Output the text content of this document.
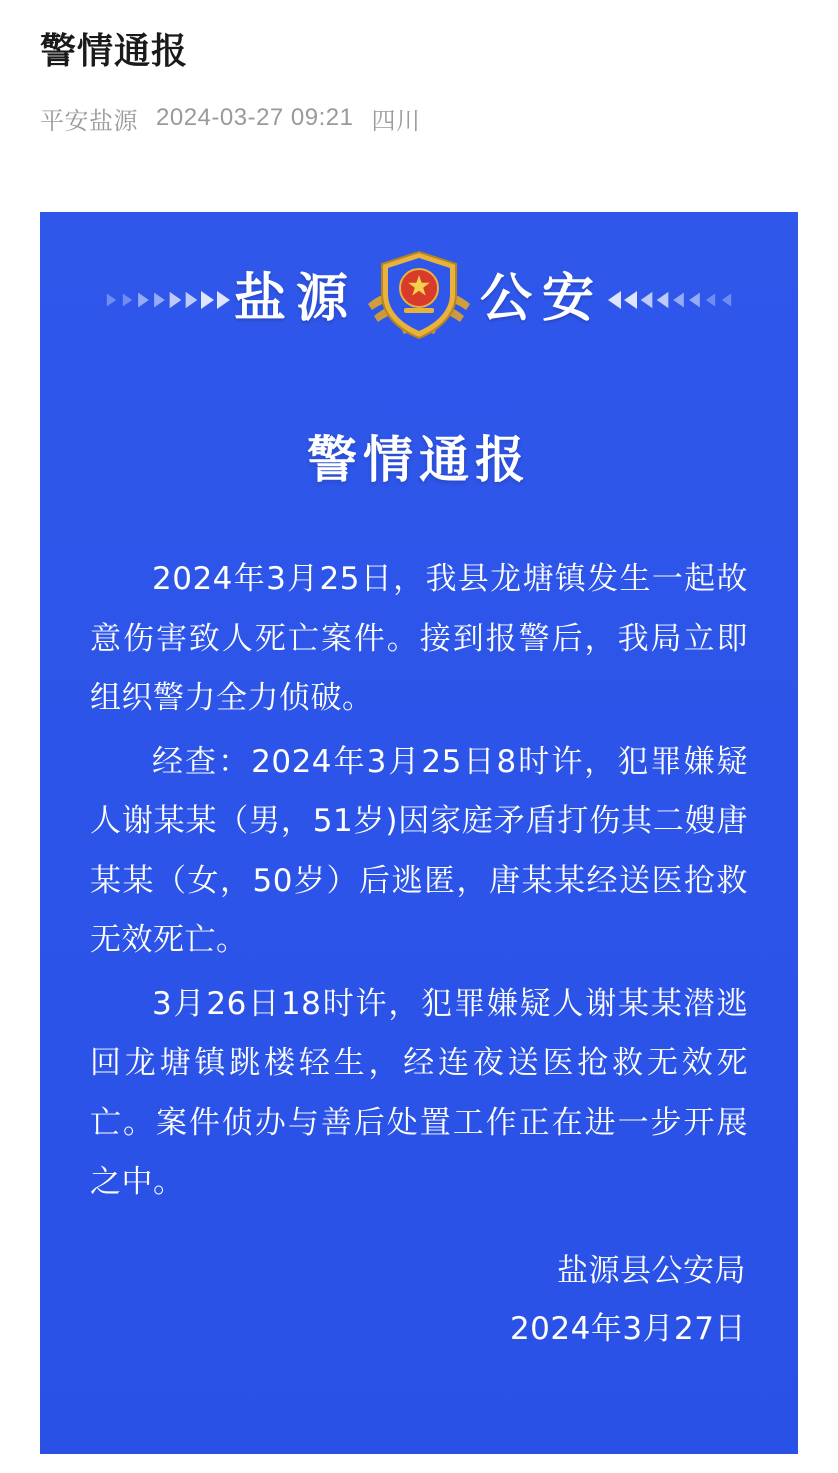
警情通报
平安盐源 2024-03-27 09:21 四川
盐源 公安
警情通报

2024年3月25日，我县龙塘镇发生一起故意伤害致人死亡案件。接到报警后，我局立即组织警力全力侦破。

经查：2024年3月25日8时许，犯罪嫌疑人谢某某（男，51岁)因家庭矛盾打伤其二嫂唐某某（女，50岁）后逃匿，唐某某经送医抢救无效死亡。

3月26日18时许，犯罪嫌疑人谢某某潜逃回龙塘镇跳楼轻生，经连夜送医抢救无效死亡。案件侦办与善后处置工作正在进一步开展之中。

盐源县公安局
2024年3月27日
